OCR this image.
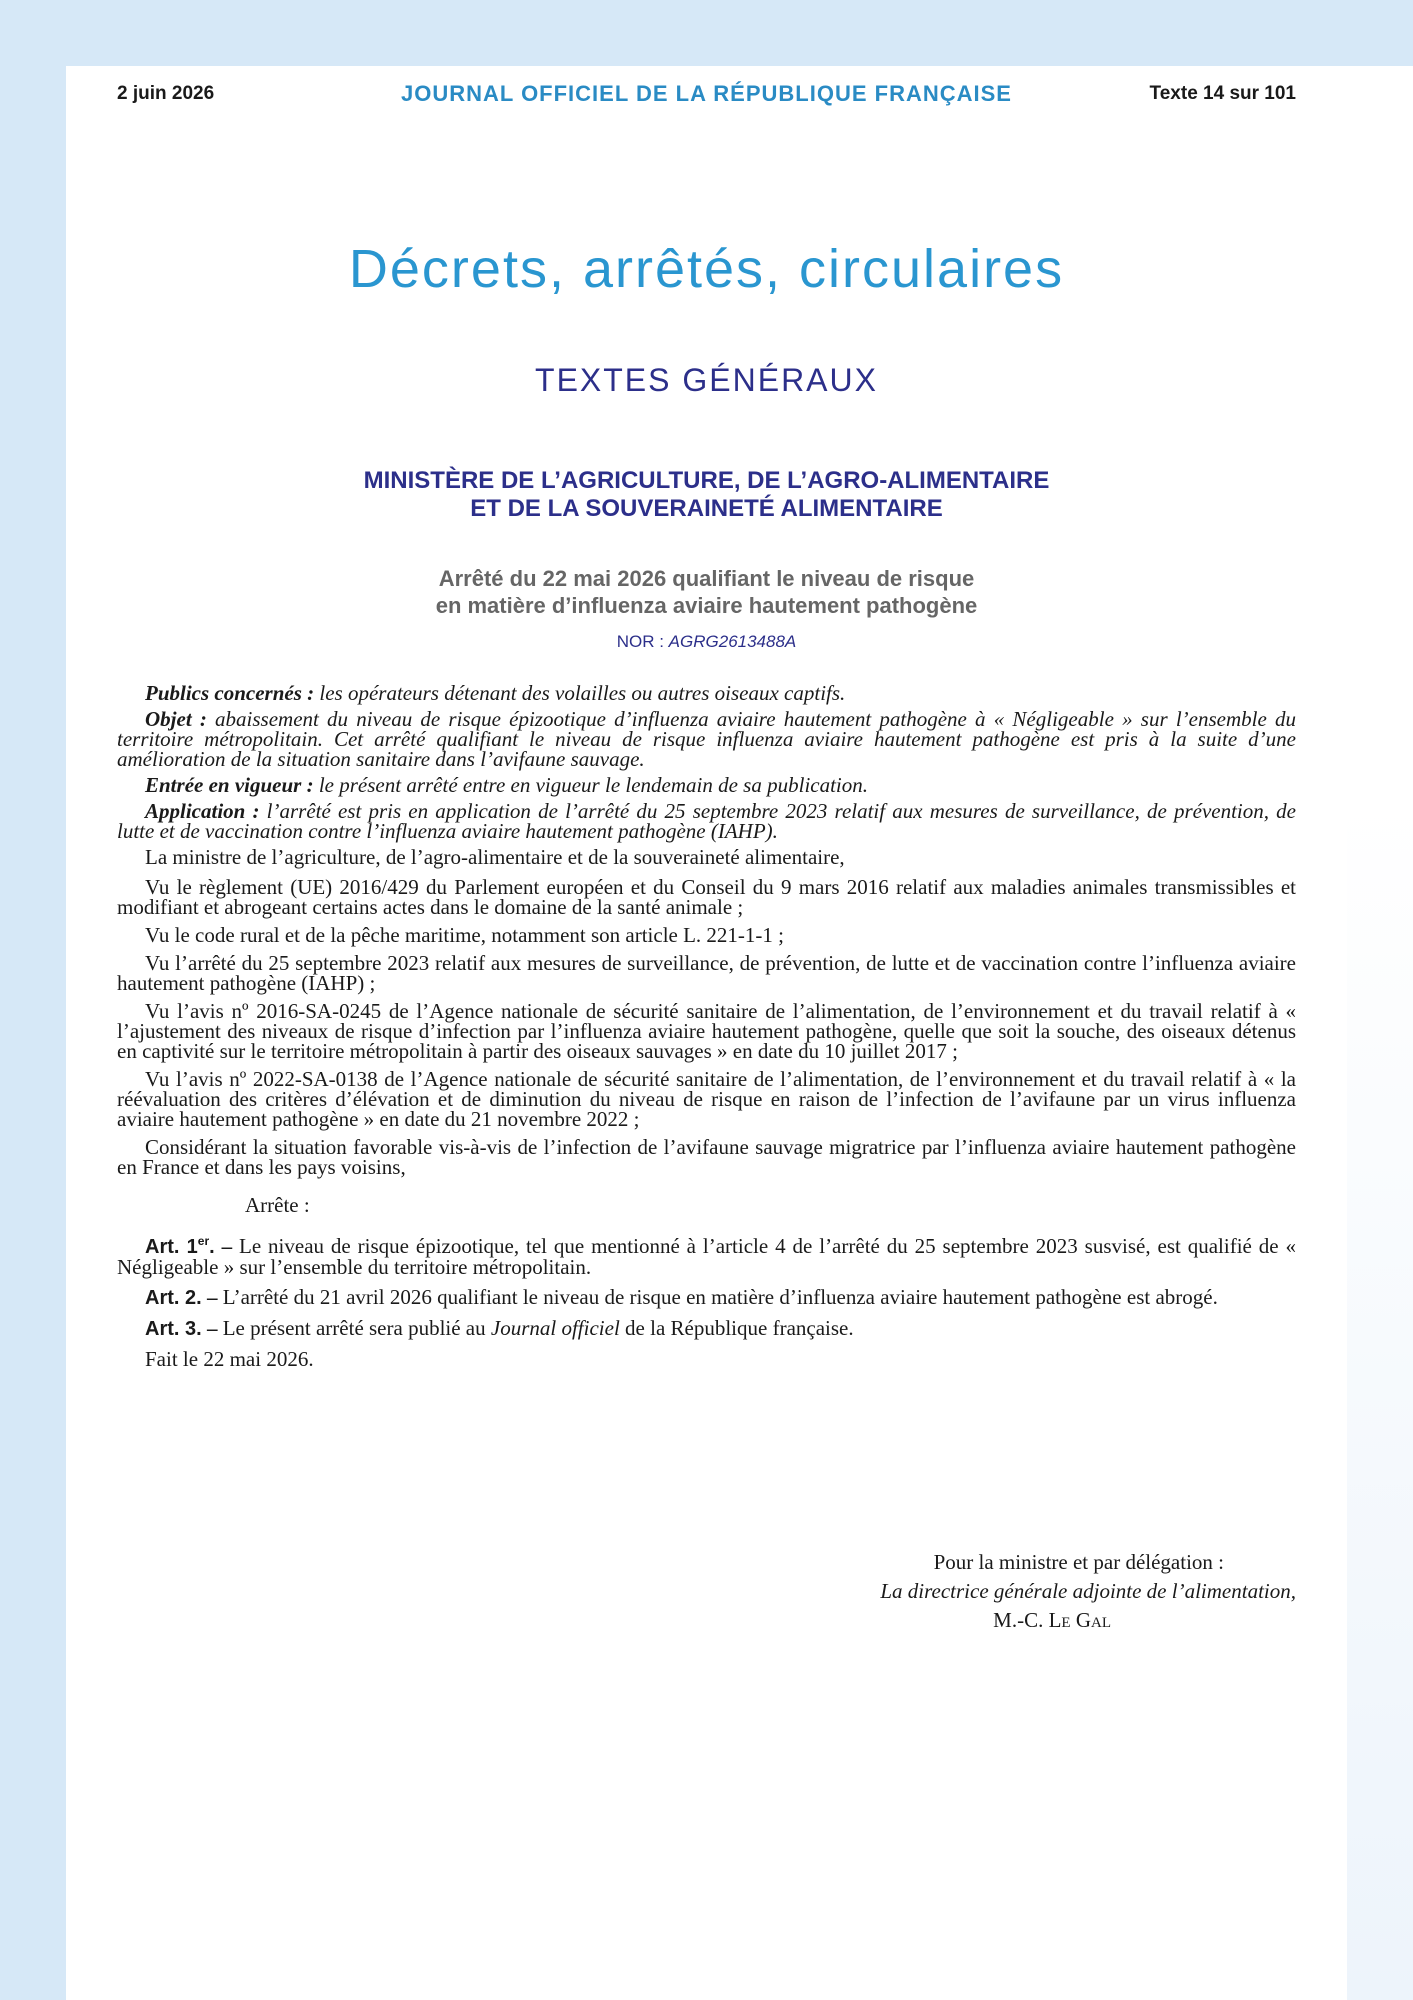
2 juin 2026	JOURNAL OFFICIEL DE LA RÉPUBLIQUE FRANÇAISE	Texte 14 sur 101
Décrets, arrêtés, circulaires
TEXTES GÉNÉRAUX
MINISTÈRE DE L’AGRICULTURE, DE L’AGRO-ALIMENTAIRE
ET DE LA SOUVERAINETÉ ALIMENTAIRE
Arrêté du 22 mai 2026 qualifiant le niveau de risque
en matière d’influenza aviaire hautement pathogène
NOR : AGRG2613488A

Publics concernés : les opérateurs détenant des volailles ou autres oiseaux captifs.

Objet : abaissement du niveau de risque épizootique d’influenza aviaire hautement pathogène à « Négligeable » sur l’ensemble du territoire métropolitain. Cet arrêté qualifiant le niveau de risque influenza aviaire hautement pathogène est pris à la suite d’une amélioration de la situation sanitaire dans l’avifaune sauvage.

Entrée en vigueur : le présent arrêté entre en vigueur le lendemain de sa publication.

Application : l’arrêté est pris en application de l’arrêté du 25 septembre 2023 relatif aux mesures de surveillance, de prévention, de lutte et de vaccination contre l’influenza aviaire hautement pathogène (IAHP).

La ministre de l’agriculture, de l’agro-alimentaire et de la souveraineté alimentaire,

Vu le règlement (UE) 2016/429 du Parlement européen et du Conseil du 9 mars 2016 relatif aux maladies animales transmissibles et modifiant et abrogeant certains actes dans le domaine de la santé animale ;

Vu le code rural et de la pêche maritime, notamment son article L. 221-1-1 ;

Vu l’arrêté du 25 septembre 2023 relatif aux mesures de surveillance, de prévention, de lutte et de vaccination contre l’influenza aviaire hautement pathogène (IAHP) ;

Vu l’avis nº 2016-SA-0245 de l’Agence nationale de sécurité sanitaire de l’alimentation, de l’environnement et du travail relatif à « l’ajustement des niveaux de risque d’infection par l’influenza aviaire hautement pathogène, quelle que soit la souche, des oiseaux détenus en captivité sur le territoire métropolitain à partir des oiseaux sauvages » en date du 10 juillet 2017 ;

Vu l’avis nº 2022-SA-0138 de l’Agence nationale de sécurité sanitaire de l’alimentation, de l’environnement et du travail relatif à « la réévaluation des critères d’élévation et de diminution du niveau de risque en raison de l’infection de l’avifaune par un virus influenza aviaire hautement pathogène » en date du 21 novembre 2022 ;

Considérant la situation favorable vis-à-vis de l’infection de l’avifaune sauvage migratrice par l’influenza aviaire hautement pathogène en France et dans les pays voisins,

Arrête :

Art. 1er. – Le niveau de risque épizootique, tel que mentionné à l’article 4 de l’arrêté du 25 septembre 2023 susvisé, est qualifié de « Négligeable » sur l’ensemble du territoire métropolitain.

Art. 2. – L’arrêté du 21 avril 2026 qualifiant le niveau de risque en matière d’influenza aviaire hautement pathogène est abrogé.

Art. 3. – Le présent arrêté sera publié au Journal officiel de la République française.

Fait le 22 mai 2026.

Pour la ministre et par délégation :
La directrice générale adjointe de l’alimentation,
M.-C. Le Gal
